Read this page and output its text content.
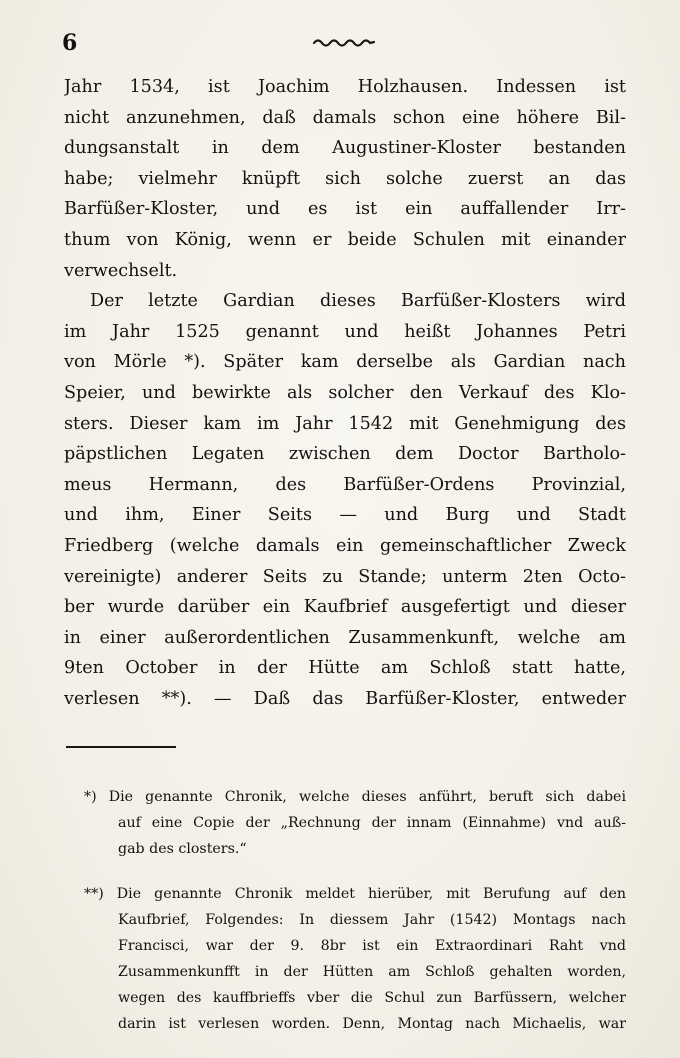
6
Jahr 1534, ist Joachim Holzhausen. Indessen ist
nicht anzunehmen, daß damals schon eine höhere Bil-
dungsanstalt in dem Augustiner-Kloster bestanden
habe; vielmehr knüpft sich solche zuerst an das
Barfüßer-Kloster, und es ist ein auffallender Irr-
thum von König, wenn er beide Schulen mit einander
verwechselt.
Der letzte Gardian dieses Barfüßer-Klosters wird
im Jahr 1525 genannt und heißt Johannes Petri
von Mörle *). Später kam derselbe als Gardian nach
Speier, und bewirkte als solcher den Verkauf des Klo-
sters. Dieser kam im Jahr 1542 mit Genehmigung des
päpstlichen Legaten zwischen dem Doctor Bartholo-
meus Hermann, des Barfüßer-Ordens Provinzial,
und ihm, Einer Seits — und Burg und Stadt
Friedberg (welche damals ein gemeinschaftlicher Zweck
vereinigte) anderer Seits zu Stande; unterm 2ten Octo-
ber wurde darüber ein Kaufbrief ausgefertigt und dieser
in einer außerordentlichen Zusammenkunft, welche am
9ten October in der Hütte am Schloß statt hatte,
verlesen **). — Daß das Barfüßer-Kloster, entweder
*) Die genannte Chronik, welche dieses anführt, beruft sich dabei
auf eine Copie der „Rechnung der innam (Einnahme) vnd auß-
gab des closters.“
**) Die genannte Chronik meldet hierüber, mit Berufung auf den
Kaufbrief, Folgendes: In diessem Jahr (1542) Montags nach
Francisci, war der 9. 8br ist ein Extraordinari Raht vnd
Zusammenkunfft in der Hütten am Schloß gehalten worden,
wegen des kauffbrieffs vber die Schul zun Barfüssern, welcher
darin ist verlesen worden. Denn, Montag nach Michaelis, war
